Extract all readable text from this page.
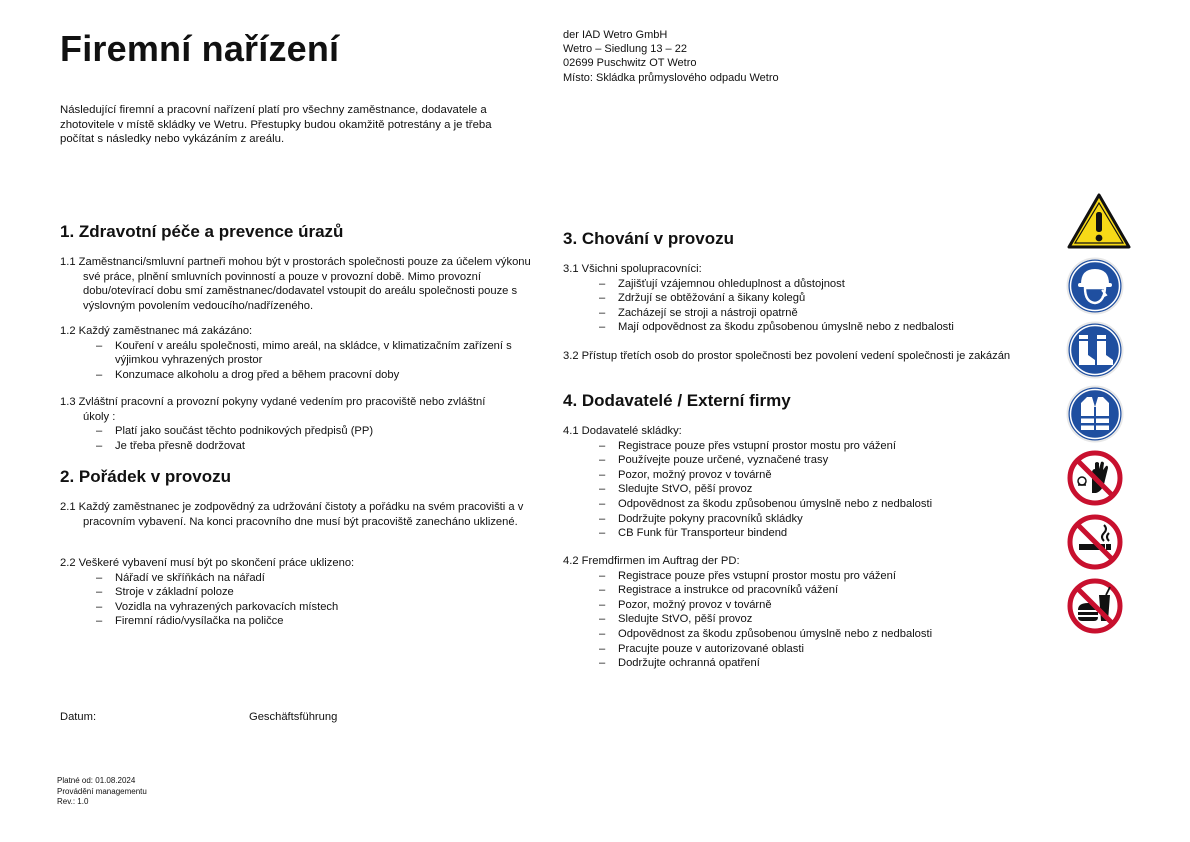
Firemní nařízení	der IAD Wetro GmbH
Wetro – Siedlung 13 – 22
02699 Puschwitz OT Wetro
Místo: Skládka průmyslového odpadu Wetro
Následující firemní a pracovní nařízení platí pro všechny zaměstnance, dodavatele a zhotovitele v místě skládky ve Wetru. Přestupky budou okamžitě potrestány a je třeba počítat s následky nebo vykázáním z areálu.
1. Zdravotní péče a prevence úrazů
1.1 Zaměstnanci/smluvní partneři mohou být v prostorách společnosti pouze za účelem výkonu své práce, plnění smluvních povinností a pouze v provozní době. Mimo provozní dobu/otevírací dobu smí zaměstnanec/dodavatel vstoupit do areálu společnosti pouze s výslovným povolením vedoucího/nadřízeného.
1.2 Každý zaměstnanec má zakázáno:
– Kouření v areálu společnosti, mimo areál, na skládce, v klimatizačním zařízení s výjimkou vyhrazených prostor
– Konzumace alkoholu a drog před a během pracovní doby
1.3 Zvláštní pracovní a provozní pokyny vydané vedením pro pracoviště nebo zvláštní úkoly :
– Platí jako součást těchto podnikových předpisů (PP)
– Je třeba přesně dodržovat
2. Pořádek v provozu
2.1 Každý zaměstnanec je zodpovědný za udržování čistoty a pořádku na svém pracovišti a v pracovním vybavení. Na konci pracovního dne musí být pracoviště zanecháno uklizené.
2.2 Veškeré vybavení musí být po skončení práce uklizeno:
– Nářadí ve skříňkách na nářadí
– Stroje v základní poloze
– Vozidla na vyhrazených parkovacích místech
– Firemní rádio/vysílačka na poličce
3. Chování v provozu
3.1 Všichni spolupracovníci:
– Zajišťují vzájemnou ohleduplnost a důstojnost
– Zdržují se obtěžování a šikany kolegů
– Zacházejí se stroji a nástroji opatrně
– Mají odpovědnost za škodu způsobenou úmyslně nebo z nedbalosti
3.2 Přístup třetích osob do prostor společnosti bez povolení vedení společnosti je zakázán
4. Dodavatelé / Externí firmy
4.1 Dodavatelé skládky:
– Registrace pouze přes vstupní prostor mostu pro vážení
– Používejte pouze určené, vyznačené trasy
– Pozor, možný provoz v továrně
– Sledujte StVO, pěší provoz
– Odpovědnost za škodu způsobenou úmyslně nebo z nedbalosti
– Dodržujte pokyny pracovníků skládky
– CB Funk für Transporteur bindend
4.2 Fremdfirmen im Auftrag der PD:
– Registrace pouze přes vstupní prostor mostu pro vážení
– Registrace a instrukce od pracovníků vážení
– Pozor, možný provoz v továrně
– Sledujte StVO, pěší provoz
– Odpovědnost za škodu způsobenou úmyslně nebo z nedbalosti
– Pracujte pouze v autorizované oblasti
– Dodržujte ochranná opatření
Datum:	Geschäftsführung
Platné od: 01.08.2024
Provádění managementu
Rev.: 1.0
